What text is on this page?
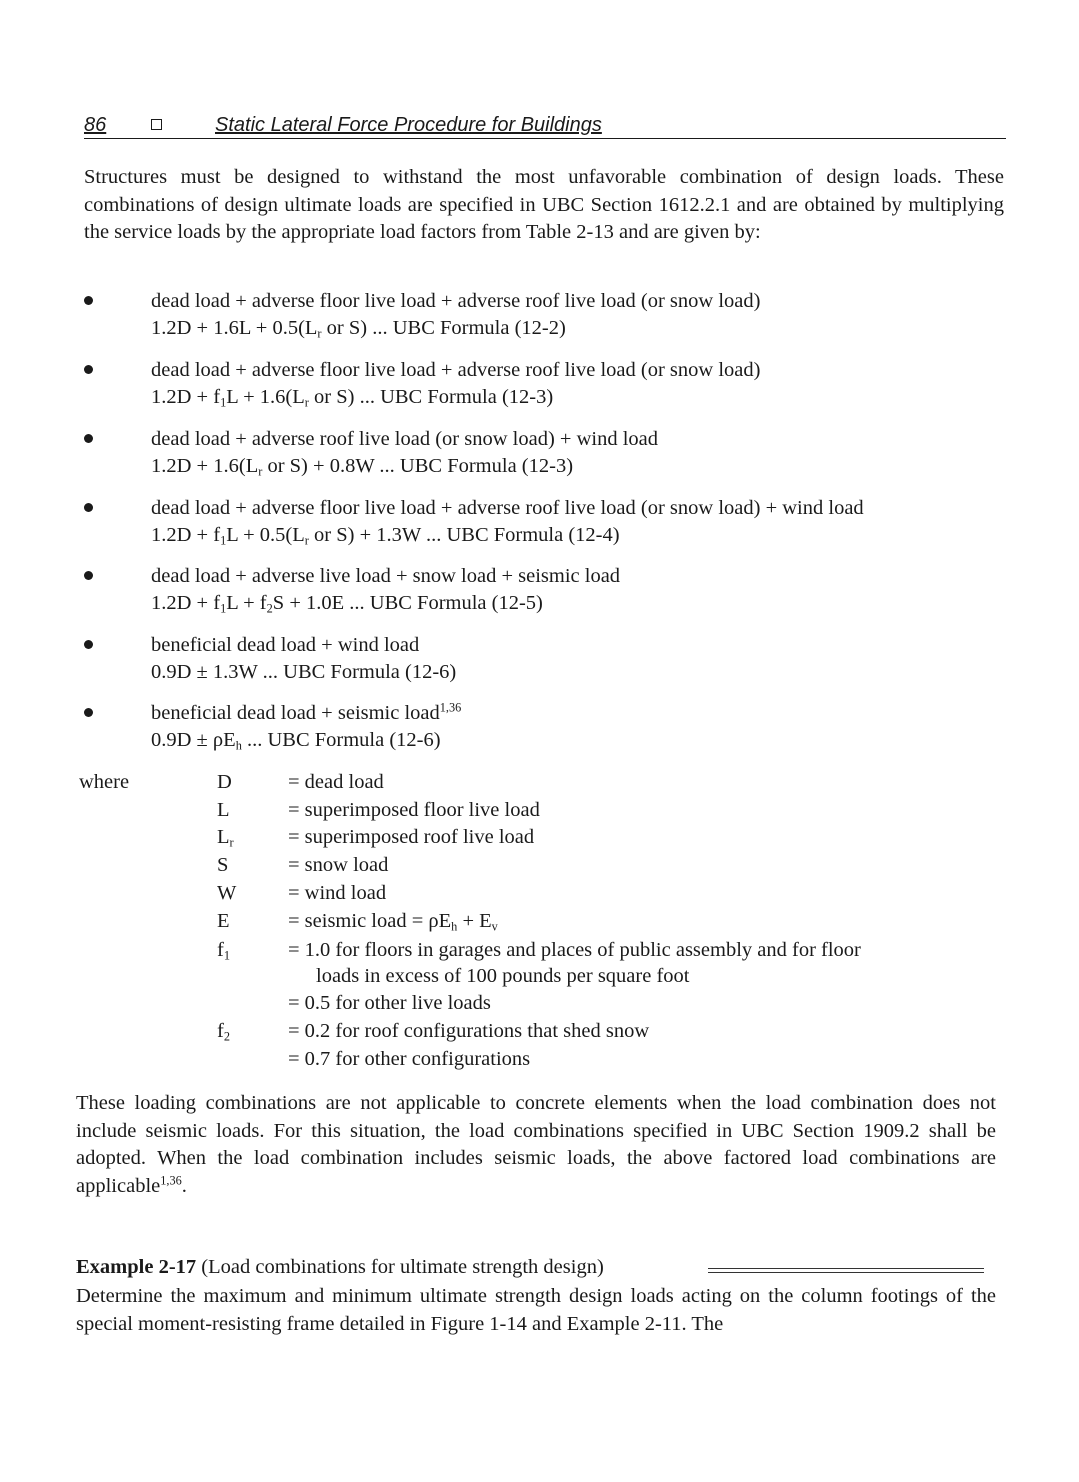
86	Static Lateral Force Procedure for Buildings
Structures must be designed to withstand the most unfavorable combination of design loads. These combinations of design ultimate loads are specified in UBC Section 1612.2.1 and are obtained by multiplying the service loads by the appropriate load factors from Table 2-13 and are given by:
dead load + adverse floor live load + adverse roof live load (or snow load)
$1.2D + 1.6L + 0.5(L_r$ or S) ... UBC Formula (12-2)
dead load + adverse floor live load + adverse roof live load (or snow load)
$1.2D + f_1L + 1.6(L_r$ or S) ... UBC Formula (12-3)
dead load + adverse roof live load (or snow load) + wind load
$1.2D + 1.6(L_r$ or S) + 0.8W ... UBC Formula (12-3)
dead load + adverse floor live load + adverse roof live load (or snow load) + wind load
$1.2D + f_1L + 0.5(L_r$ or S) + 1.3W ... UBC Formula (12-4)
dead load + adverse live load + snow load + seismic load
$1.2D + f_1L + f_2S + 1.0E$ ... UBC Formula (12-5)
beneficial dead load + wind load
0.9D ± 1.3W ... UBC Formula (12-6)
beneficial dead load + seismic load$^{1,36}$
$0.9D \pm \rho E_h$ ... UBC Formula (12-6)
where	D	= dead load
L	= superimposed floor live load
$L_r$	= superimposed roof live load
S	= snow load
W	= wind load
E	= seismic load = $\rho E_h + E_v$
$f_1$	= 1.0 for floors in garages and places of public assembly and for floor
loads in excess of 100 pounds per square foot
= 0.5 for other live loads
$f_2$	= 0.2 for roof configurations that shed snow
= 0.7 for other configurations
These loading combinations are not applicable to concrete elements when the load combination does not include seismic loads. For this situation, the load combinations specified in UBC Section 1909.2 shall be adopted. When the load combination includes seismic loads, the above factored load combinations are applicable$^{1,36}$.
Example 2-17 (Load combinations for ultimate strength design)
Determine the maximum and minimum ultimate strength design loads acting on the column footings of the special moment-resisting frame detailed in Figure 1-14 and Example 2-11. The
